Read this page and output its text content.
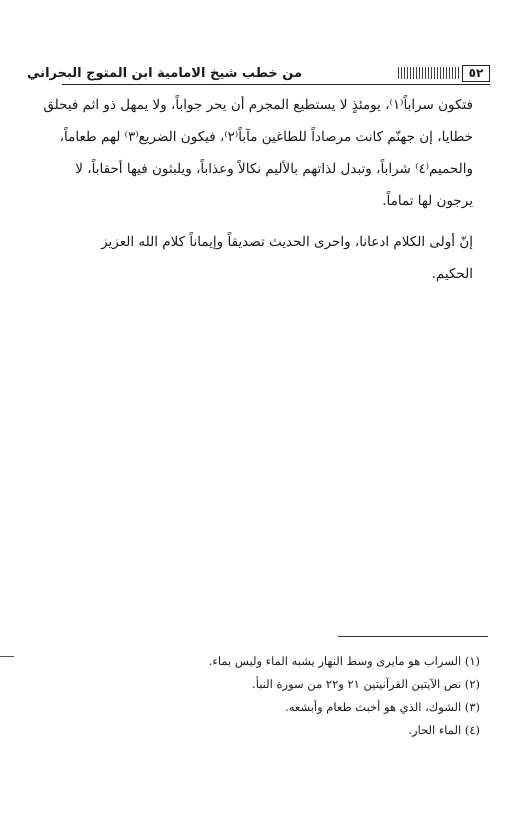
٥٢
من خطب شيخ الامامية ابن المتوج البحراني

فتكون سراباً⁽١⁾، يومئذٍ لا يستطيع المجرم أن يحر جواباً، ولا يمهل ذو اثم فيحلق
خطايا، إن جهنّم كانت مرصاداً للطاغين مآباً⁽٢⁾، فيكون الضريع⁽٣⁾ لهم طعاماً،
والحميم⁽٤⁾ شراباً، وتبدل لذاتهم بالأليم نكالاً وعذاباً، ويلبثون فيها أحقاباً، لا
يرجون لها تماماً.

إنّ أولى الكلام ادعانا، واحرى الحديث تصديقاً وإيماناً كلام الله العزيز
الحكيم.

(١) السراب هو مايرى وسط النهار يشبه الماء وليس بماء.
(٢) نص الآيتين القرآنيتين ٢١ و٢٢ من سورة النبأ.
(٣) الشوك، الذي هو أخبث طعام وأبشعه.
(٤) الماء الحار.
